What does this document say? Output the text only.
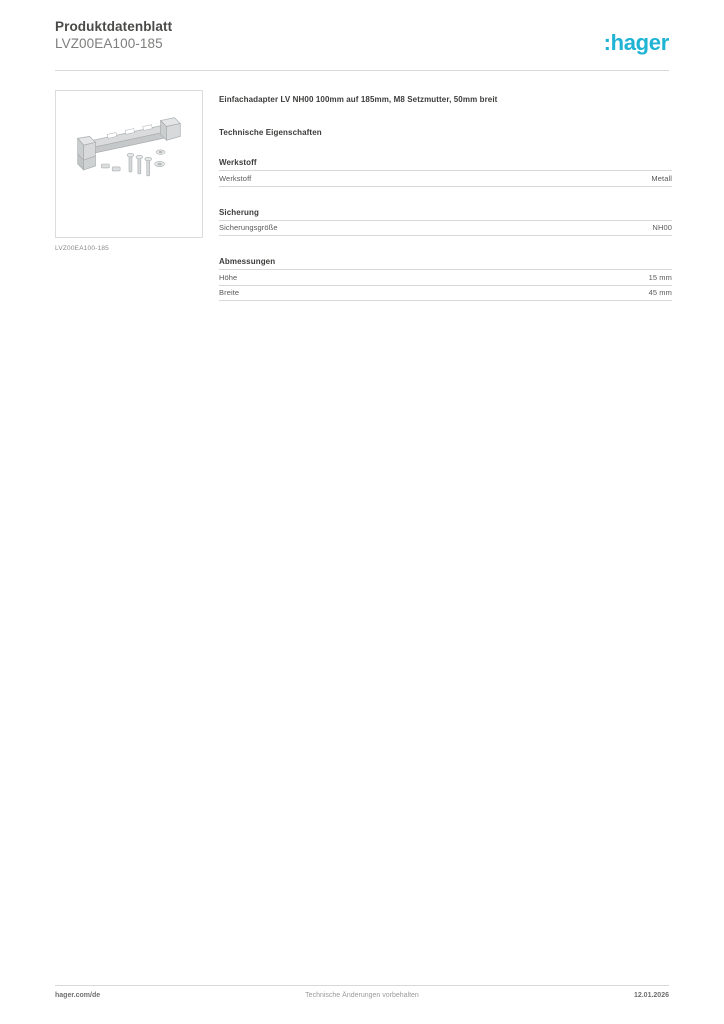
Produktdatenblatt
LVZ00EA100-185	:hager
LVZ00EA100-185
Einfachadapter LV NH00 100mm auf 185mm, M8 Setzmutter, 50mm breit
Technische Eigenschaften
Werkstoff
Werkstoff	Metall
Sicherung
Sicherungsgröße	NH00
Abmessungen
Höhe	15 mm
Breite	45 mm
hager.com/de	Technische Änderungen vorbehalten	12.01.2026
